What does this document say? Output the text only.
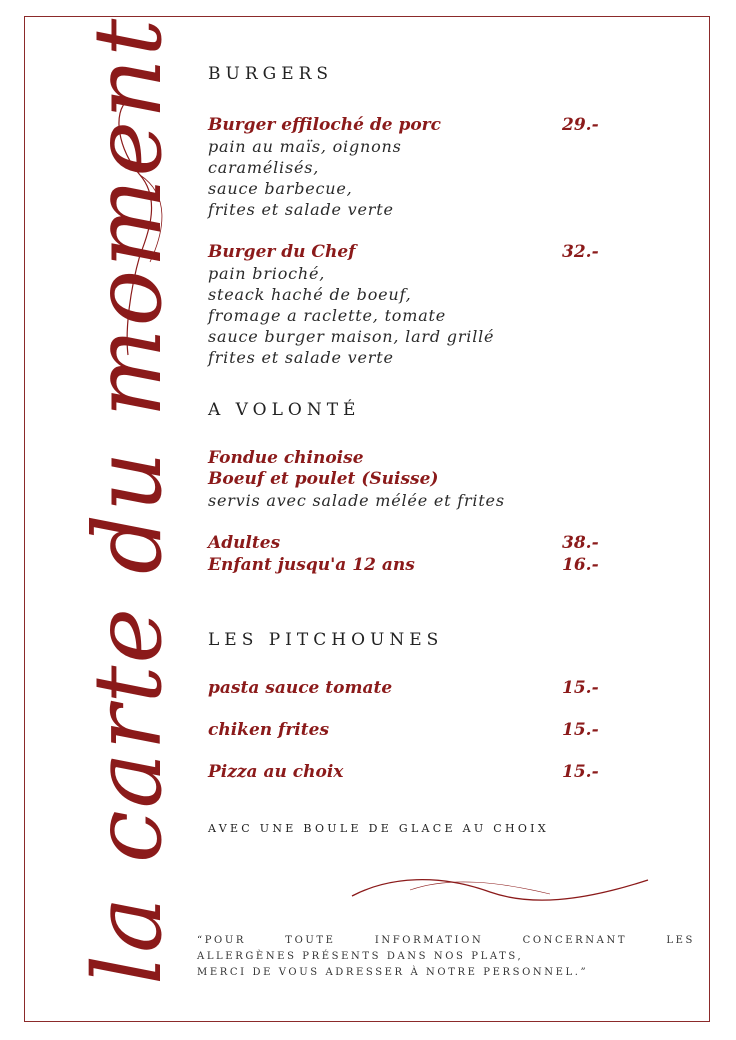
la carte du moment BURGERS
Burger effiloché de porc	29.-
pain au maïs, oignons
caramélisés,
sauce barbecue,
frites et salade verte
Burger du Chef	32.-
pain brioché,
steack haché de boeuf,
fromage a raclette, tomate
sauce burger maison, lard grillé
frites et salade verte
A VOLONTÉ
Fondue chinoise
Boeuf et poulet (Suisse)
servis avec salade mélée et frites
Adultes	38.-
Enfant jusqu'a 12 ans	16.-
LES PITCHOUNES
pasta sauce tomate	15.-
chiken frites	15.-
Pizza au choix	15.-
AVEC UNE BOULE DE GLACE AU CHOIX
“POUR TOUTE INFORMATION CONCERNANT LES
ALLERGÈNES PRÉSENTS DANS NOS PLATS,
MERCI DE VOUS ADRESSER À NOTRE PERSONNEL.”
